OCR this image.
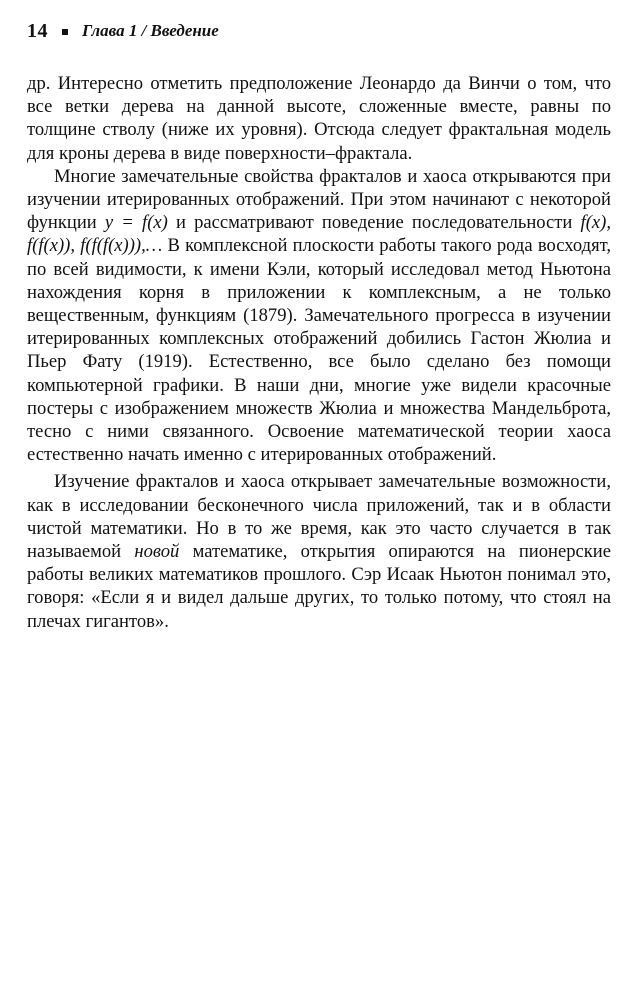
14 Глава 1 / Введение

др. Интересно отметить предположение Леонардо да Винчи о том, что все ветки дерева на данной высоте, сложенные вместе, равны по толщине стволу (ниже их уровня). Отсюда следует фрактальная модель для кроны дерева в виде поверхности–фрактала.

Многие замечательные свойства фракталов и хаоса открываются при изучении итерированных отображений. При этом начинают с некоторой функции y = f(x) и рассматривают поведение последовательности f(x), f(f(x)), f(f(f(x))),… В комплексной плоскости работы такого рода восходят, по всей видимости, к имени Кэли, который исследовал метод Ньютона нахождения корня в приложении к комплексным, а не только вещественным, функциям (1879). Замечательного прогресса в изучении итерированных комплексных отображений добились Гастон Жюлиа и Пьер Фату (1919). Естественно, все было сделано без помощи компьютерной графики. В наши дни, многие уже видели красочные постеры с изображением множеств Жюлиа и множества Мандельброта, тесно с ними связанного. Освоение математической теории хаоса естественно начать именно с итерированных отображений.

Изучение фракталов и хаоса открывает замечательные возможности, как в исследовании бесконечного числа приложений, так и в области чистой математики. Но в то же время, как это часто случается в так называемой новой математике, открытия опираются на пионерские работы великих математиков прошлого. Сэр Исаак Ньютон понимал это, говоря: «Если я и видел дальше других, то только потому, что стоял на плечах гигантов».
